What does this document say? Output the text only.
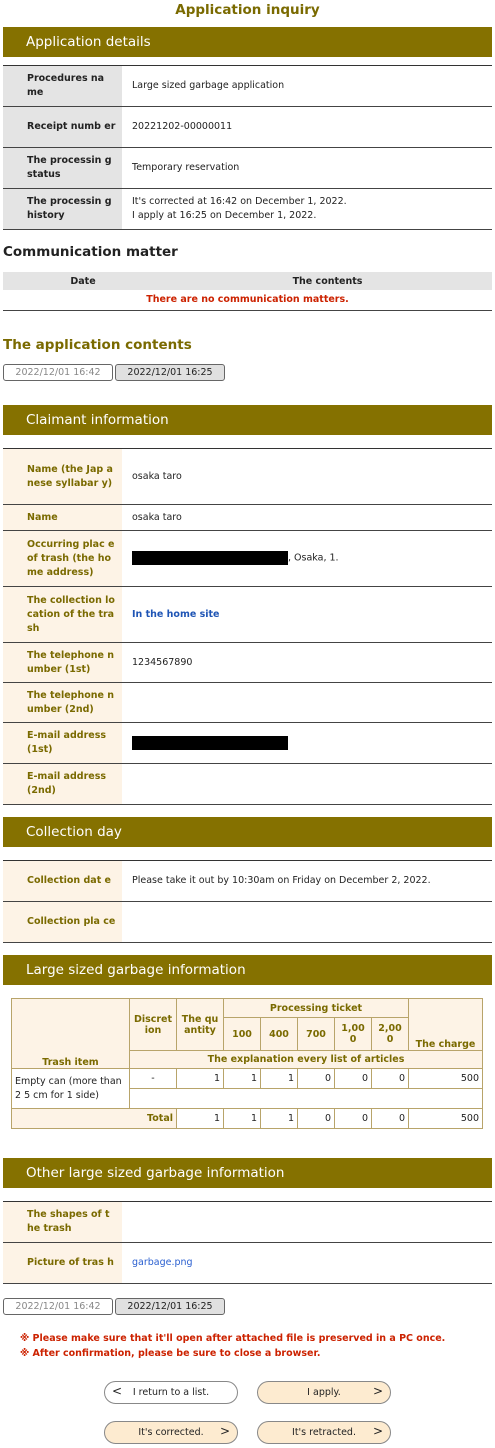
Application inquiry
Application details
Procedures na me	Large sized garbage application
Receipt numb er	20221202-00000011
The processin g status	Temporary reservation
The processin g history	It's corrected at 16:42 on December 1, 2022.
I apply at 16:25 on December 1, 2022.
Communication matter
Date	The contents
There are no communication matters.
The application contents
2022/12/01 16:42	2022/12/01 16:25
Claimant information
Name (the Jap anese syllabar y)	osaka taro
Name	osaka taro
Occurring plac e of trash (the home address)	, Osaka, 1.
The collection location of the trash	In the home site
The telephone number (1st)	1234567890
The telephone number (2nd)	
E-mail address (1st)	
E-mail address (2nd)	
Collection day
Collection dat e	Please take it out by 10:30am on Friday on December 2, 2022.
Collection pla ce	
Large sized garbage information
Trash item	Discret ion	The qu antity	Processing ticket					The charge
			100	400	700	1,00 0	2,00 0	
	The explanation every list of articles							
Empty can (more than 2 5 cm for 1 side)	-	1	1	1	0	0	0	500

Total		1	1	1	0	0	0	500
Other large sized garbage information
The shapes of the trash	
Picture of tras h	garbage.png
2022/12/01 16:42	2022/12/01 16:25
※ Please make sure that it'll open after attached file is preserved in a PC once.
※ After confirmation, please be sure to close a browser.
< I return to a list.	I apply.	>
It's corrected. >	It's retracted. >
